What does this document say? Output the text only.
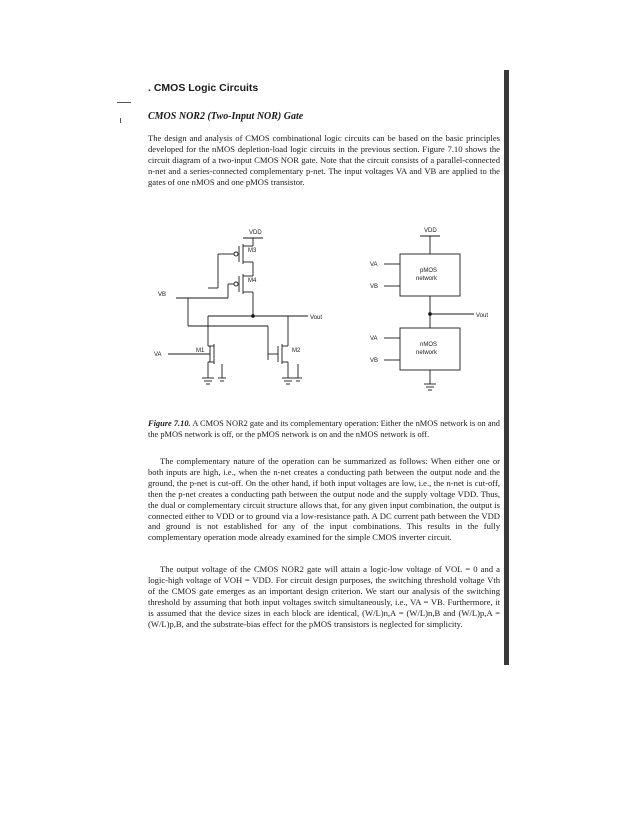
. CMOS Logic Circuits
CMOS NOR2 (Two-Input NOR) Gate
The design and analysis of CMOS combinational logic circuits can be based on the basic principles developed for the nMOS depletion-load logic circuits in the previous section. Figure 7.10 shows the circuit diagram of a two-input CMOS NOR gate. Note that the circuit consists of a parallel-connected n-net and a series-connected complementary p-net. The input voltages VA and VB are applied to the gates of one nMOS and one pMOS transistor.
VDD
M3
M4
VB
Vout
M1	M2
VA
VDD
VA
VB
pMOS
network
Vout
VA
VB
nMOS
network
Figure 7.10. A CMOS NOR2 gate and its complementary operation: Either the nMOS network is on and the pMOS network is off, or the pMOS network is on and the nMOS network is off.
The complementary nature of the operation can be summarized as follows: When either one or both inputs are high, i.e., when the n-net creates a conducting path between the output node and the ground, the p-net is cut-off. On the other hand, if both input voltages are low, i.e., the n-net is cut-off, then the p-net creates a conducting path between the output node and the supply voltage VDD. Thus, the dual or complementary circuit structure allows that, for any given input combination, the output is connected either to VDD or to ground via a low-resistance path. A DC current path between the VDD and ground is not established for any of the input combinations. This results in the fully complementary operation mode already examined for the simple CMOS inverter circuit.
The output voltage of the CMOS NOR2 gate will attain a logic-low voltage of VOL = 0 and a logic-high voltage of VOH = VDD. For circuit design purposes, the switching threshold voltage Vth of the CMOS gate emerges as an important design criterion. We start our analysis of the switching threshold by assuming that both input voltages switch simultaneously, i.e., VA = VB. Furthermore, it is assumed that the device sizes in each block are identical, (W/L)n,A = (W/L)n,B and (W/L)p,A = (W/L)p,B, and the substrate-bias effect for the pMOS transistors is neglected for simplicity.
